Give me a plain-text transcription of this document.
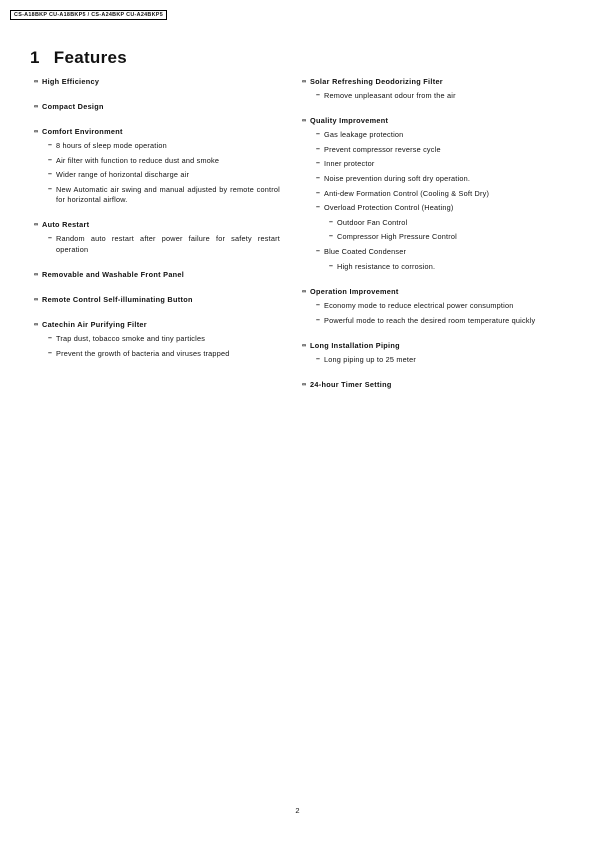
CS-A18BKP CU-A18BKP5 / CS-A24BKP CU-A24BKP5
1 Features
∞ High Efficiency
∞ Compact Design
∞ Comfort Environment
– 8 hours of sleep mode operation
– Air filter with function to reduce dust and smoke
– Wider range of horizontal discharge air
– New Automatic air swing and manual adjusted by remote control for horizontal airflow.
∞ Auto Restart
– Random auto restart after power failure for safety restart operation
∞ Removable and Washable Front Panel
∞ Remote Control Self-illuminating Button
∞ Catechin Air Purifying Filter
– Trap dust, tobacco smoke and tiny particles
– Prevent the growth of bacteria and viruses trapped
∞ Solar Refreshing Deodorizing Filter
– Remove unpleasant odour from the air
∞ Quality Improvement
– Gas leakage protection
– Prevent compressor reverse cycle
– Inner protector
– Noise prevention during soft dry operation.
– Anti-dew Formation Control (Cooling & Soft Dry)
– Overload Protection Control (Heating)
– Outdoor Fan Control
– Compressor High Pressure Control
– Blue Coated Condenser
– High resistance to corrosion.
∞ Operation Improvement
– Economy mode to reduce electrical power consumption
– Powerful mode to reach the desired room temperature quickly
∞ Long Installation Piping
– Long piping up to 25 meter
∞ 24-hour Timer Setting
2
